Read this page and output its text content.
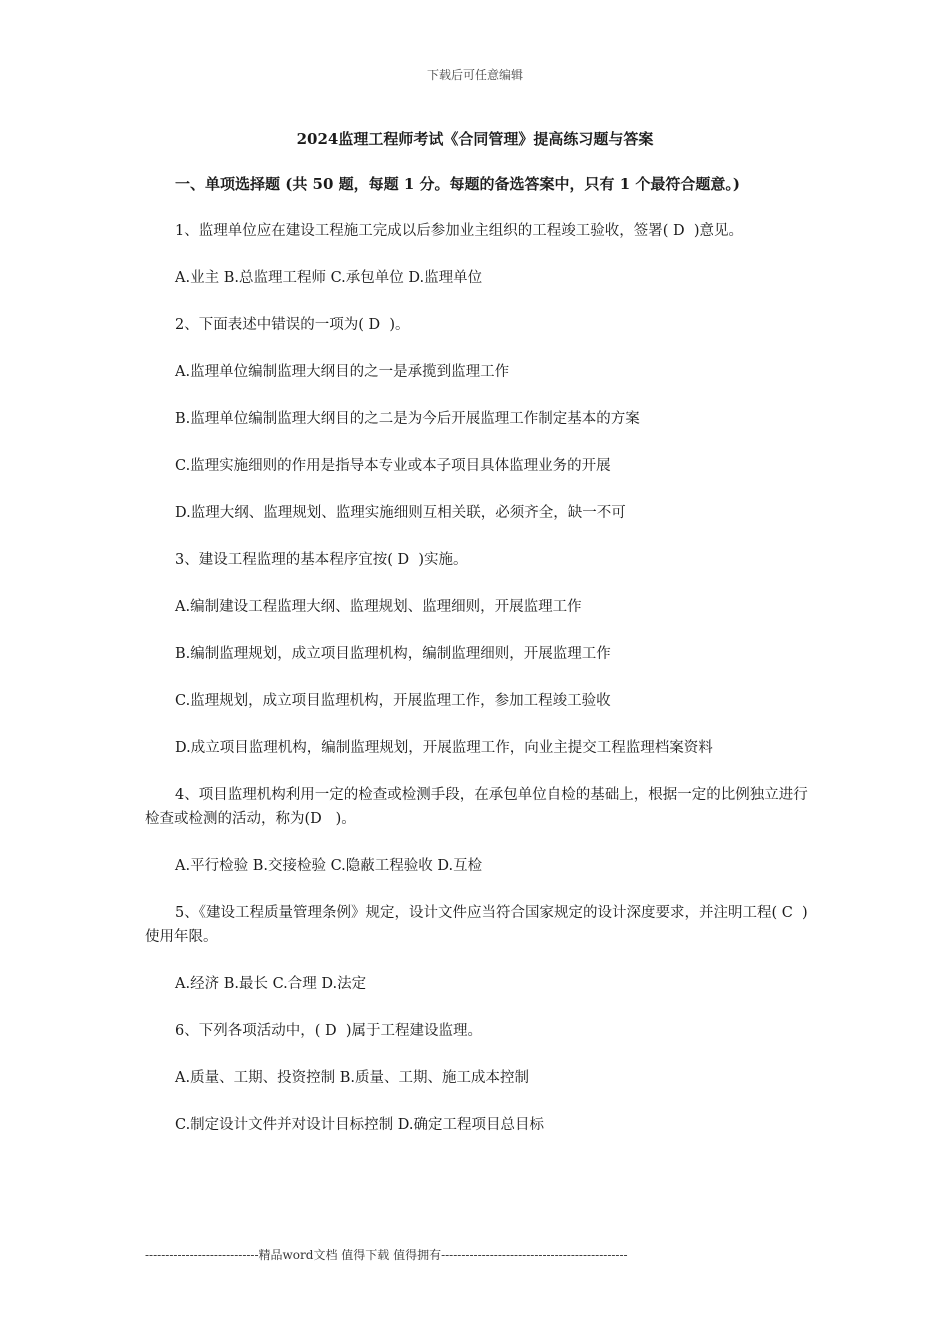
下载后可任意编辑
2024监理工程师考试《合同管理》提高练习题与答案
一、单项选择题 (共 50 题，每题 1 分。每题的备选答案中，只有 1 个最符合题意。)
1、监理单位应在建设工程施工完成以后参加业主组织的工程竣工验收，签署( D  )意见。
A.业主 B.总监理工程师 C.承包单位 D.监理单位
2、下面表述中错误的一项为( D  )。
A.监理单位编制监理大纲目的之一是承揽到监理工作
B.监理单位编制监理大纲目的之二是为今后开展监理工作制定基本的方案
C.监理实施细则的作用是指导本专业或本子项目具体监理业务的开展
D.监理大纲、监理规划、监理实施细则互相关联，必须齐全，缺一不可
3、建设工程监理的基本程序宜按( D  )实施。
A.编制建设工程监理大纲、监理规划、监理细则，开展监理工作
B.编制监理规划，成立项目监理机构，编制监理细则，开展监理工作
C.监理规划，成立项目监理机构，开展监理工作，参加工程竣工验收
D.成立项目监理机构，编制监理规划，开展监理工作，向业主提交工程监理档案资料
4、项目监理机构利用一定的检查或检测手段，在承包单位自检的基础上，根据一定的比例独立进行检查或检测的活动，称为(D   )。
A.平行检验 B.交接检验 C.隐蔽工程验收 D.互检
5、《建设工程质量管理条例》规定，设计文件应当符合国家规定的设计深度要求，并注明工程( C  )使用年限。
A.经济 B.最长 C.合理 D.法定
6、下列各项活动中，( D  )属于工程建设监理。
A.质量、工期、投资控制 B.质量、工期、施工成本控制
C.制定设计文件并对设计目标控制 D.确定工程项目总目标
----------------------------精品word文档 值得下载 值得拥有----------------------------------------------
